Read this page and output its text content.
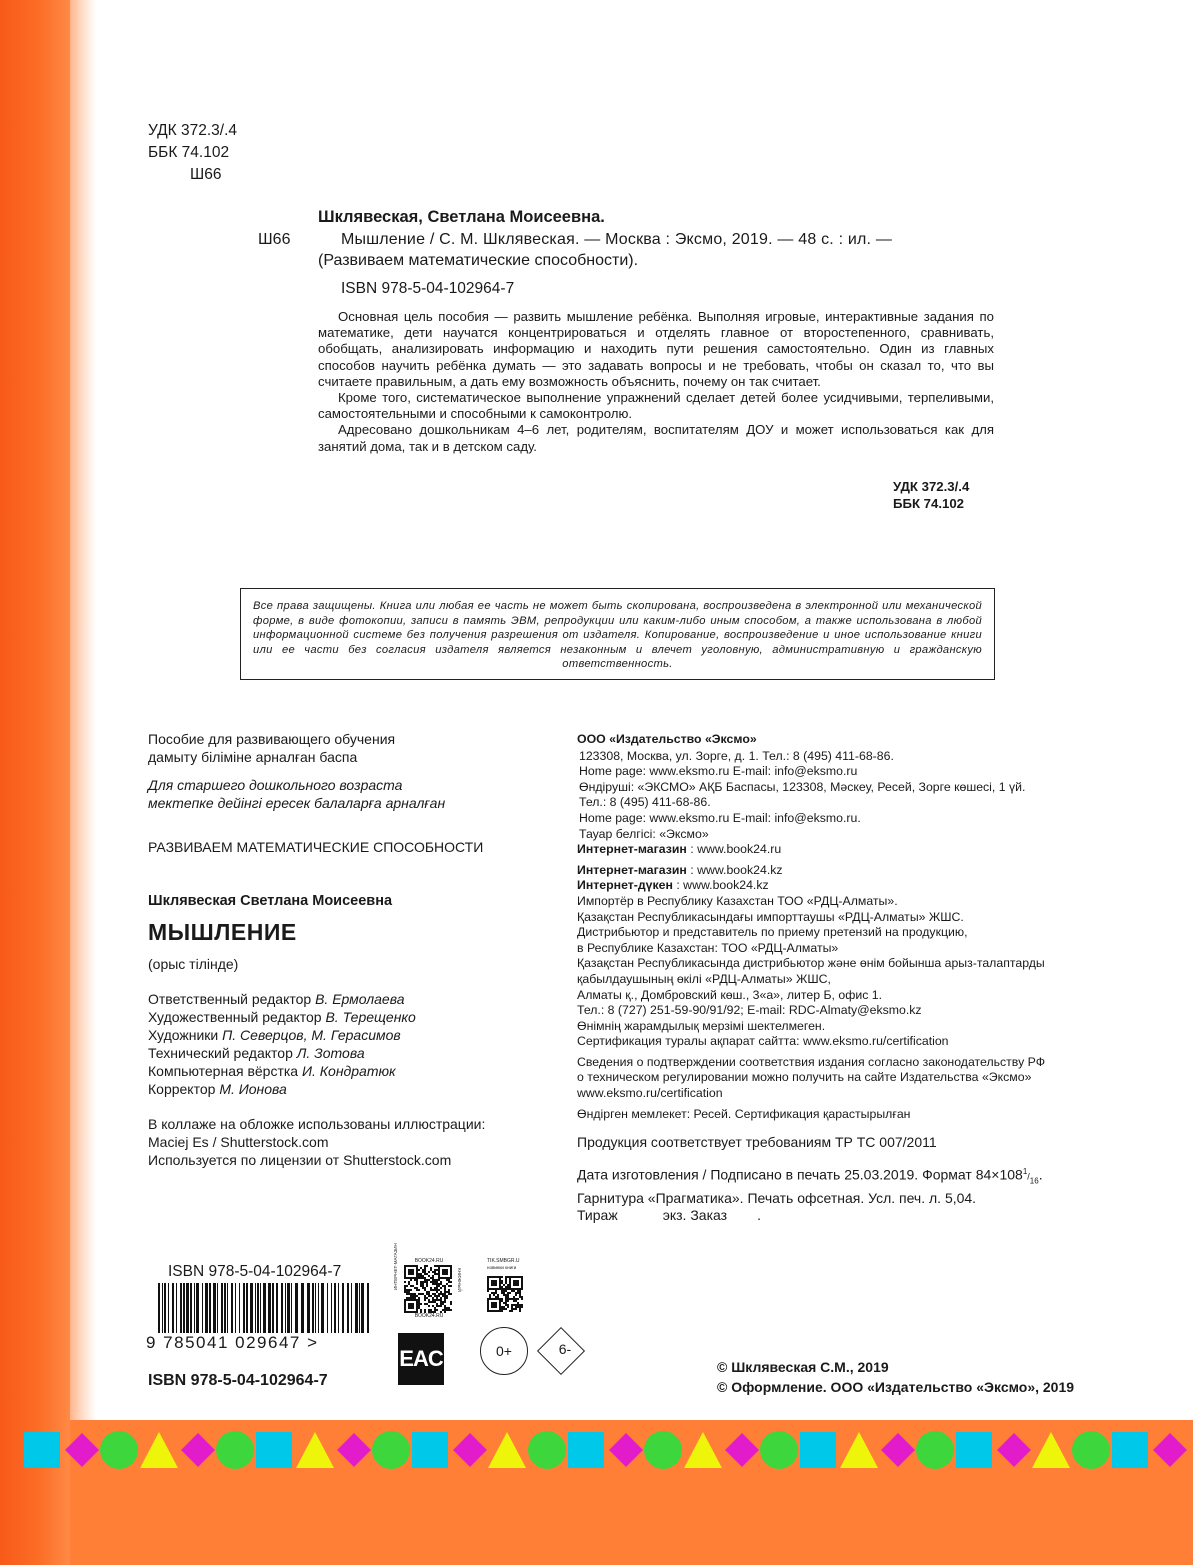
УДК 372.3/.4
ББК 74.102
Ш66
Шклявеская, Светлана Моисеевна.
Ш66	Мышление / С. М. Шклявеская. — Москва : Эксмо, 2019. — 48 с. : ил. —
(Развиваем математические способности).
ISBN 978-5-04-102964-7

Основная цель пособия — развить мышление ребёнка. Выполняя игровые, интерактивные задания по математике, дети научатся концентрироваться и отделять главное от второстепенного, сравнивать, обобщать, анализировать информацию и находить пути решения самостоятельно. Один из главных способов научить ребёнка думать — это задавать вопросы и не требовать, чтобы он сказал то, что вы считаете правильным, а дать ему возможность объяснить, почему он так считает.

Кроме того, систематическое выполнение упражнений сделает детей более усидчивыми, терпеливыми, самостоятельными и способными к самоконтролю.

Адресовано дошкольникам 4–6 лет, родителям, воспитателям ДОУ и может использоваться как для занятий дома, так и в детском саду.

УДК 372.3/.4
ББК 74.102

Все права защищены. Книга или любая ее часть не может быть скопирована, воспроизведена в электронной или механической форме, в виде фотокопии, записи в память ЭВМ, репродукции или каким-либо иным способом, а также использована в любой информационной системе без получения разрешения от издателя. Копирование, воспроизведение и иное использование книги или ее части без согласия издателя является незаконным и влечет уголовную, административную и гражданскую ответственность.

Пособие для развивающего обучения
дамыту біліміне арналған баспа
Для старшего дошкольного возраста
мектепке дейінгі ересек балаларға арналған
РАЗВИВАЕМ МАТЕМАТИЧЕСКИЕ СПОСОБНОСТИ
Шклявеская Светлана Моисеевна
МЫШЛЕНИЕ
(орыс тілінде)
Ответственный редактор В. Ермолаева
Художественный редактор В. Терещенко
Художники П. Северцов, М. Герасимов
Технический редактор Л. Зотова
Компьютерная вёрстка И. Кондратюк
Корректор М. Ионова
В коллаже на обложке использованы иллюстрации:
Maciej Es / Shutterstock.com
Используется по лицензии от Shutterstock.com
ООО «Издательство «Эксмо»
123308, Москва, ул. Зорге, д. 1. Тел.: 8 (495) 411-68-86.
Home page: www.eksmo.ru E-mail: info@eksmo.ru
Өндіруші: «ЭКСМО» АҚБ Баспасы, 123308, Мәскеу, Ресей, Зорге көшесі, 1 үй.
Тел.: 8 (495) 411-68-86.
Home page: www.eksmo.ru E-mail: info@eksmo.ru.
Тауар белгісі: «Эксмо»
Интернет-магазин : www.book24.ru
Интернет-магазин : www.book24.kz
Интернет-дүкен : www.book24.kz
Импортёр в Республику Казахстан ТОО «РДЦ-Алматы».
Қазақстан Республикасындағы импорттаушы «РДЦ-Алматы» ЖШС.
Дистрибьютор и представитель по приему претензий на продукцию,
в Республике Казахстан: ТОО «РДЦ-Алматы»
Қазақстан Республикасында дистрибьютор және өнім бойынша арыз-талаптарды
қабылдаушының өкілі «РДЦ-Алматы» ЖШС,
Алматы қ., Домбровский көш., 3«а», литер Б, офис 1.
Тел.: 8 (727) 251-59-90/91/92; E-mail: RDC-Almaty@eksmo.kz
Өнімнің жарамдылық мерзімі шектелмеген.
Сертификация туралы ақпарат сайтта: www.eksmo.ru/certification
Сведения о подтверждении соответствия издания согласно законодательству РФ
о техническом регулировании можно получить на сайте Издательства «Эксмо»
www.eksmo.ru/certification
Өндірген мемлекет: Ресей. Сертификация қарастырылған
Продукция соответствует требованиям ТР ТС 007/2011
Дата изготовления / Подписано в печать 25.03.2019. Формат $84\times 108^1/_{16}$.
Гарнитура «Прагматика». Печать офсетная. Усл. печ. л. 5,04.
Тираж	экз. Заказ .
ISBN 978-5-04-102964-7
9 785041 029647 >
ISBN 978-5-04-102964-7
BOOK24.RU
BOOK24.RU
ИНТЕРНЕТ-МАГАЗИН	КНИЖНЫЙ
TIK.SMBGR.U
новинки книги
EAC	0+	6-
© Шклявеская С.М., 2019
© Оформление. ООО «Издательство «Эксмо», 2019
